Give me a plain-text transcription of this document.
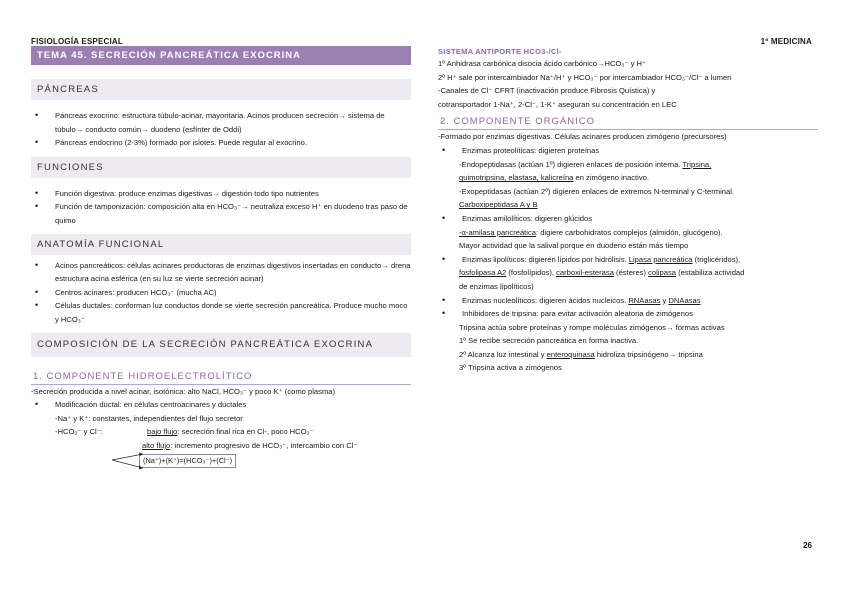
FISIOLOGÍA ESPECIAL	1º MEDICINA
TEMA 45. SECRECIÓN PANCREÁTICA EXOCRINA
PÁNCREAS
• Páncreas exocrino: estructura túbulo-acinar, mayoritaria. Acinos producen secreción→ sistema de túbulo→ conducto común→ duodeno (esfínter de Oddi)
• Páncreas endocrino (2-3%) formado por islotes. Puede regular al exocrino.
FUNCIONES
• Función digestiva: produce enzimas digestivas→ digestión todo tipo nutrientes
• Función de tamponización: composición alta en HCO₃⁻→ neutraliza exceso H⁺ en duodeno tras paso de quimo
ANATOMÍA FUNCIONAL
• Acinos pancreáticos: células acinares productoras de enzimas digestivos insertadas en conducto→ drena estructura acina esférica (en su luz se vierte secreción acinar)
• Centros acinares: producen HCO₃⁻ (mucha AC)
• Células ductales: conforman luz conductos donde se vierte secreción pancreática. Produce mucho moco y HCO₃⁻
COMPOSICIÓN DE LA SECRECIÓN PANCREÁTICA EXOCRINA
1. COMPONENTE HIDROELECTROLÍTICO
-Secreción producida a nivel acinar, isotónica: alto NaCl, HCO₃⁻ y poco K⁺ (como plasma)
• Modificación ductal: en células centroacinares y ductales
-Na⁺ y K⁺: constantes, independientes del flujo secretor
-HCO₃⁻ y Cl⁻:	bajo flujo: secreción final rica en Cl-, poco HCO₃⁻
alto flujo: incremento progresivo de HCO₃⁻, intercambio con Cl⁻
(Na⁺)+(K⁺)=(HCO₃⁻)+(Cl⁻)
SISTEMA ANTIPORTE HCO3-/Cl-
1º Anhidrasa carbónica disocia ácido carbónico→HCO₃⁻ y H⁺
2º H⁺ sale por intercambiador Na⁺/H⁺ y HCO₃⁻ por intercambiador HCO₃⁻/Cl⁻ a lumen
-Canales de Cl⁻ CFRT (inactivación produce Fibrosis Quística) y
cotransportador 1-Na⁺, 2-Cl⁻, 1-K⁺ aseguran su concentración en LEC
2. COMPONENTE ORGÁNICO
-Formado por enzimas digestivas. Células acinares producen zimógeno (precursores)
• Enzimas proteolíticas: digieren proteínas
-Endopeptidasas (actúan 1º) digieren enlaces de posición interna. Tripsina,
quimotripsina, elastasa, kalicreína en zimógeno inactivo.
-Exopeptidasas (actúan 2º) digieren enlaces de extremos N-terminal y C-terminal.
Carboxipeptidasa A y B
• Enzimas amilolíticos: digieren glúcidos
-α-amilasa pancreática: digiere carbohidratos complejos (almidón, glucógeno).
Mayor actividad que la salival porque en duodeno están más tiempo
• Enzimas lipolíticos: digieren lípidos por hidrólisis. Lipasa pancreática (triglicéridos),
fosfolipasa A2 (fosfolípidos), carboxil-esterasa (ésteres) colipasa (estabiliza actividad
de enzimas lipolíticos)
• Enzimas nucleolíticos: digieren ácidos nucleicos. RNAasas y DNAasas
• Inhibidores de tripsina: para evitar activación aleatoria de zimógenos
Tripsina actúa sobre proteínas y rompe moléculas zimógenos→ formas activas
1º Se recibe secreción pancreática en forma inactiva.
2º Alcanza luz intestinal y enteroquinasa hidroliza tripsinógeno→ tripsina
3º Tripsina activa a zimógenos
26
